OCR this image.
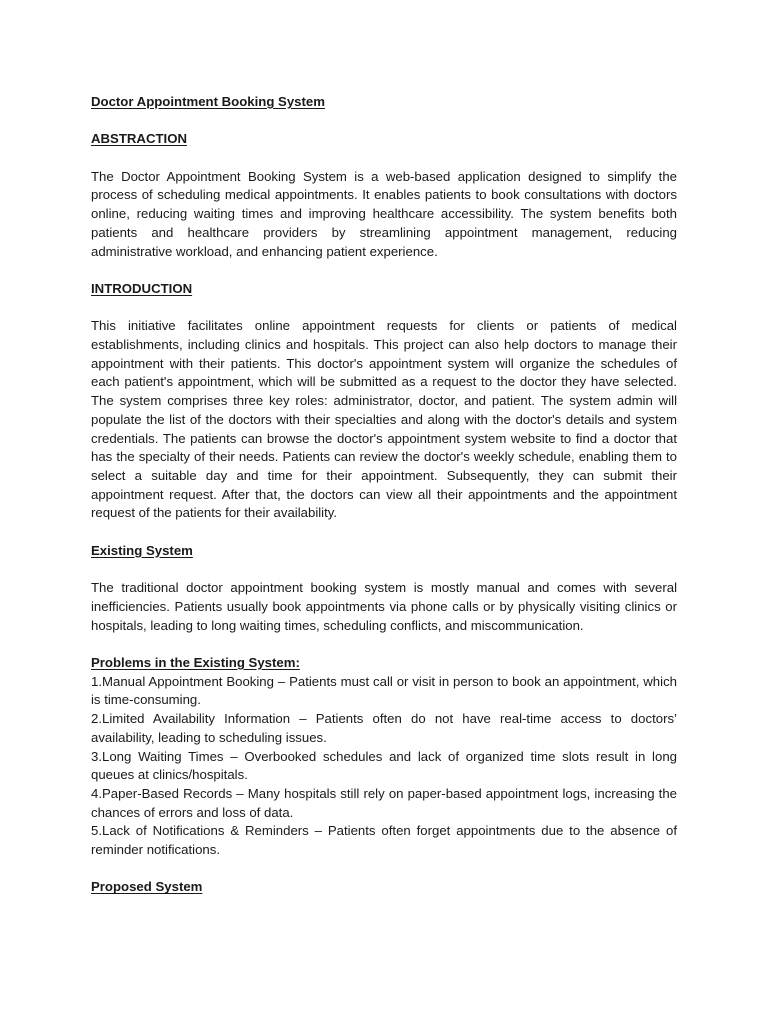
Doctor Appointment Booking System

ABSTRACTION

The Doctor Appointment Booking System is a web-based application designed to simplify the process of scheduling medical appointments. It enables patients to book consultations with doctors online, reducing waiting times and improving healthcare accessibility. The system benefits both patients and healthcare providers by streamlining appointment management, reducing administrative workload, and enhancing patient experience.

INTRODUCTION

This initiative facilitates online appointment requests for clients or patients of medical establishments, including clinics and hospitals. This project can also help doctors to manage their appointment with their patients. This doctor's appointment system will organize the schedules of each patient's appointment, which will be submitted as a request to the doctor they have selected. The system comprises three key roles: administrator, doctor, and patient. The system admin will populate the list of the doctors with their specialties and along with the doctor's details and system credentials. The patients can browse the doctor's appointment system website to find a doctor that has the specialty of their needs. Patients can review the doctor's weekly schedule, enabling them to select a suitable day and time for their appointment. Subsequently, they can submit their appointment request. After that, the doctors can view all their appointments and the appointment request of the patients for their availability.

Existing System

The traditional doctor appointment booking system is mostly manual and comes with several inefficiencies. Patients usually book appointments via phone calls or by physically visiting clinics or hospitals, leading to long waiting times, scheduling conflicts, and miscommunication.

Problems in the Existing System:

1.Manual Appointment Booking – Patients must call or visit in person to book an appointment, which is time-consuming.

2.Limited Availability Information – Patients often do not have real-time access to doctors’ availability, leading to scheduling issues.

3.Long Waiting Times – Overbooked schedules and lack of organized time slots result in long queues at clinics/hospitals.

4.Paper-Based Records – Many hospitals still rely on paper-based appointment logs, increasing the chances of errors and loss of data.

5.Lack of Notifications & Reminders – Patients often forget appointments due to the absence of reminder notifications.

Proposed System
